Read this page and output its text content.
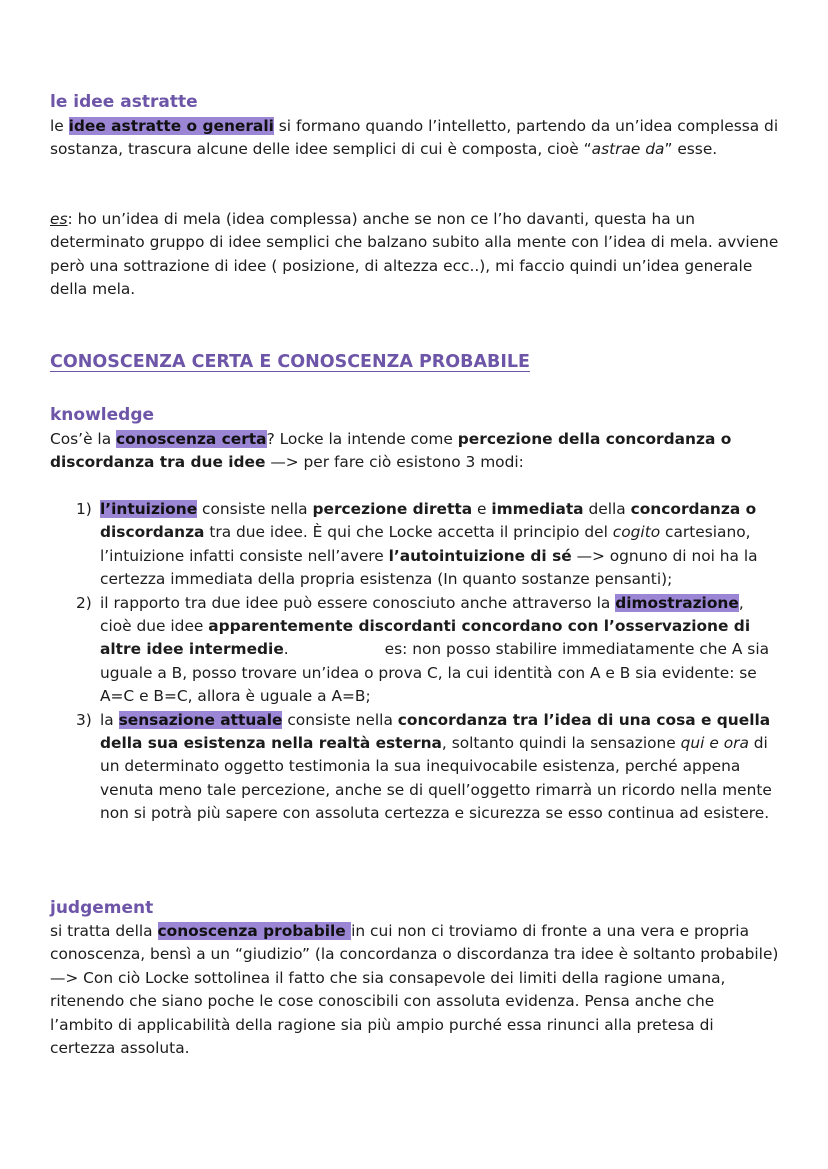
le idee astratte

le idee astratte o generali si formano quando l’intelletto, partendo da un’idea complessa di sostanza, trascura alcune delle idee semplici di cui è composta, cioè “astrae da” esse.

es: ho un’idea di mela (idea complessa) anche se non ce l’ho davanti, questa ha un determinato gruppo di idee semplici che balzano subito alla mente con l’idea di mela. avviene però una sottrazione di idee ( posizione, di altezza ecc..), mi faccio quindi un’idea generale della mela.

CONOSCENZA CERTA E CONOSCENZA PROBABILE
knowledge

Cos’è la conoscenza certa? Locke la intende come percezione della concordanza o discordanza tra due idee —> per fare ciò esistono 3 modi:

1) l’intuizione consiste nella percezione diretta e immediata della concordanza o discordanza tra due idee. È qui che Locke accetta il principio del cogito cartesiano, l’intuizione infatti consiste nell’avere l’autointuizione di sé —> ognuno di noi ha la certezza immediata della propria esistenza (In quanto sostanze pensanti);
2) il rapporto tra due idee può essere conosciuto anche attraverso la dimostrazione, cioè due idee apparentemente discordanti concordano con l’osservazione di altre idee intermedie.	es: non posso stabilire immediatamente che A sia uguale a B, posso trovare un’idea o prova C, la cui identità con A e B sia evidente: se A=C e B=C, allora è uguale a A=B;
3) la sensazione attuale consiste nella concordanza tra l’idea di una cosa e quella della sua esistenza nella realtà esterna, soltanto quindi la sensazione qui e ora di un determinato oggetto testimonia la sua inequivocabile esistenza, perché appena venuta meno tale percezione, anche se di quell’oggetto rimarrà un ricordo nella mente non si potrà più sapere con assoluta certezza e sicurezza se esso continua ad esistere.
judgement

si tratta della conoscenza probabile in cui non ci troviamo di fronte a una vera e propria conoscenza, bensì a un “giudizio” (la concordanza o discordanza tra idee è soltanto probabile) —> Con ciò Locke sottolinea il fatto che sia consapevole dei limiti della ragione umana, ritenendo che siano poche le cose conoscibili con assoluta evidenza. Pensa anche che l’ambito di applicabilità della ragione sia più ampio purché essa rinunci alla pretesa di certezza assoluta.
